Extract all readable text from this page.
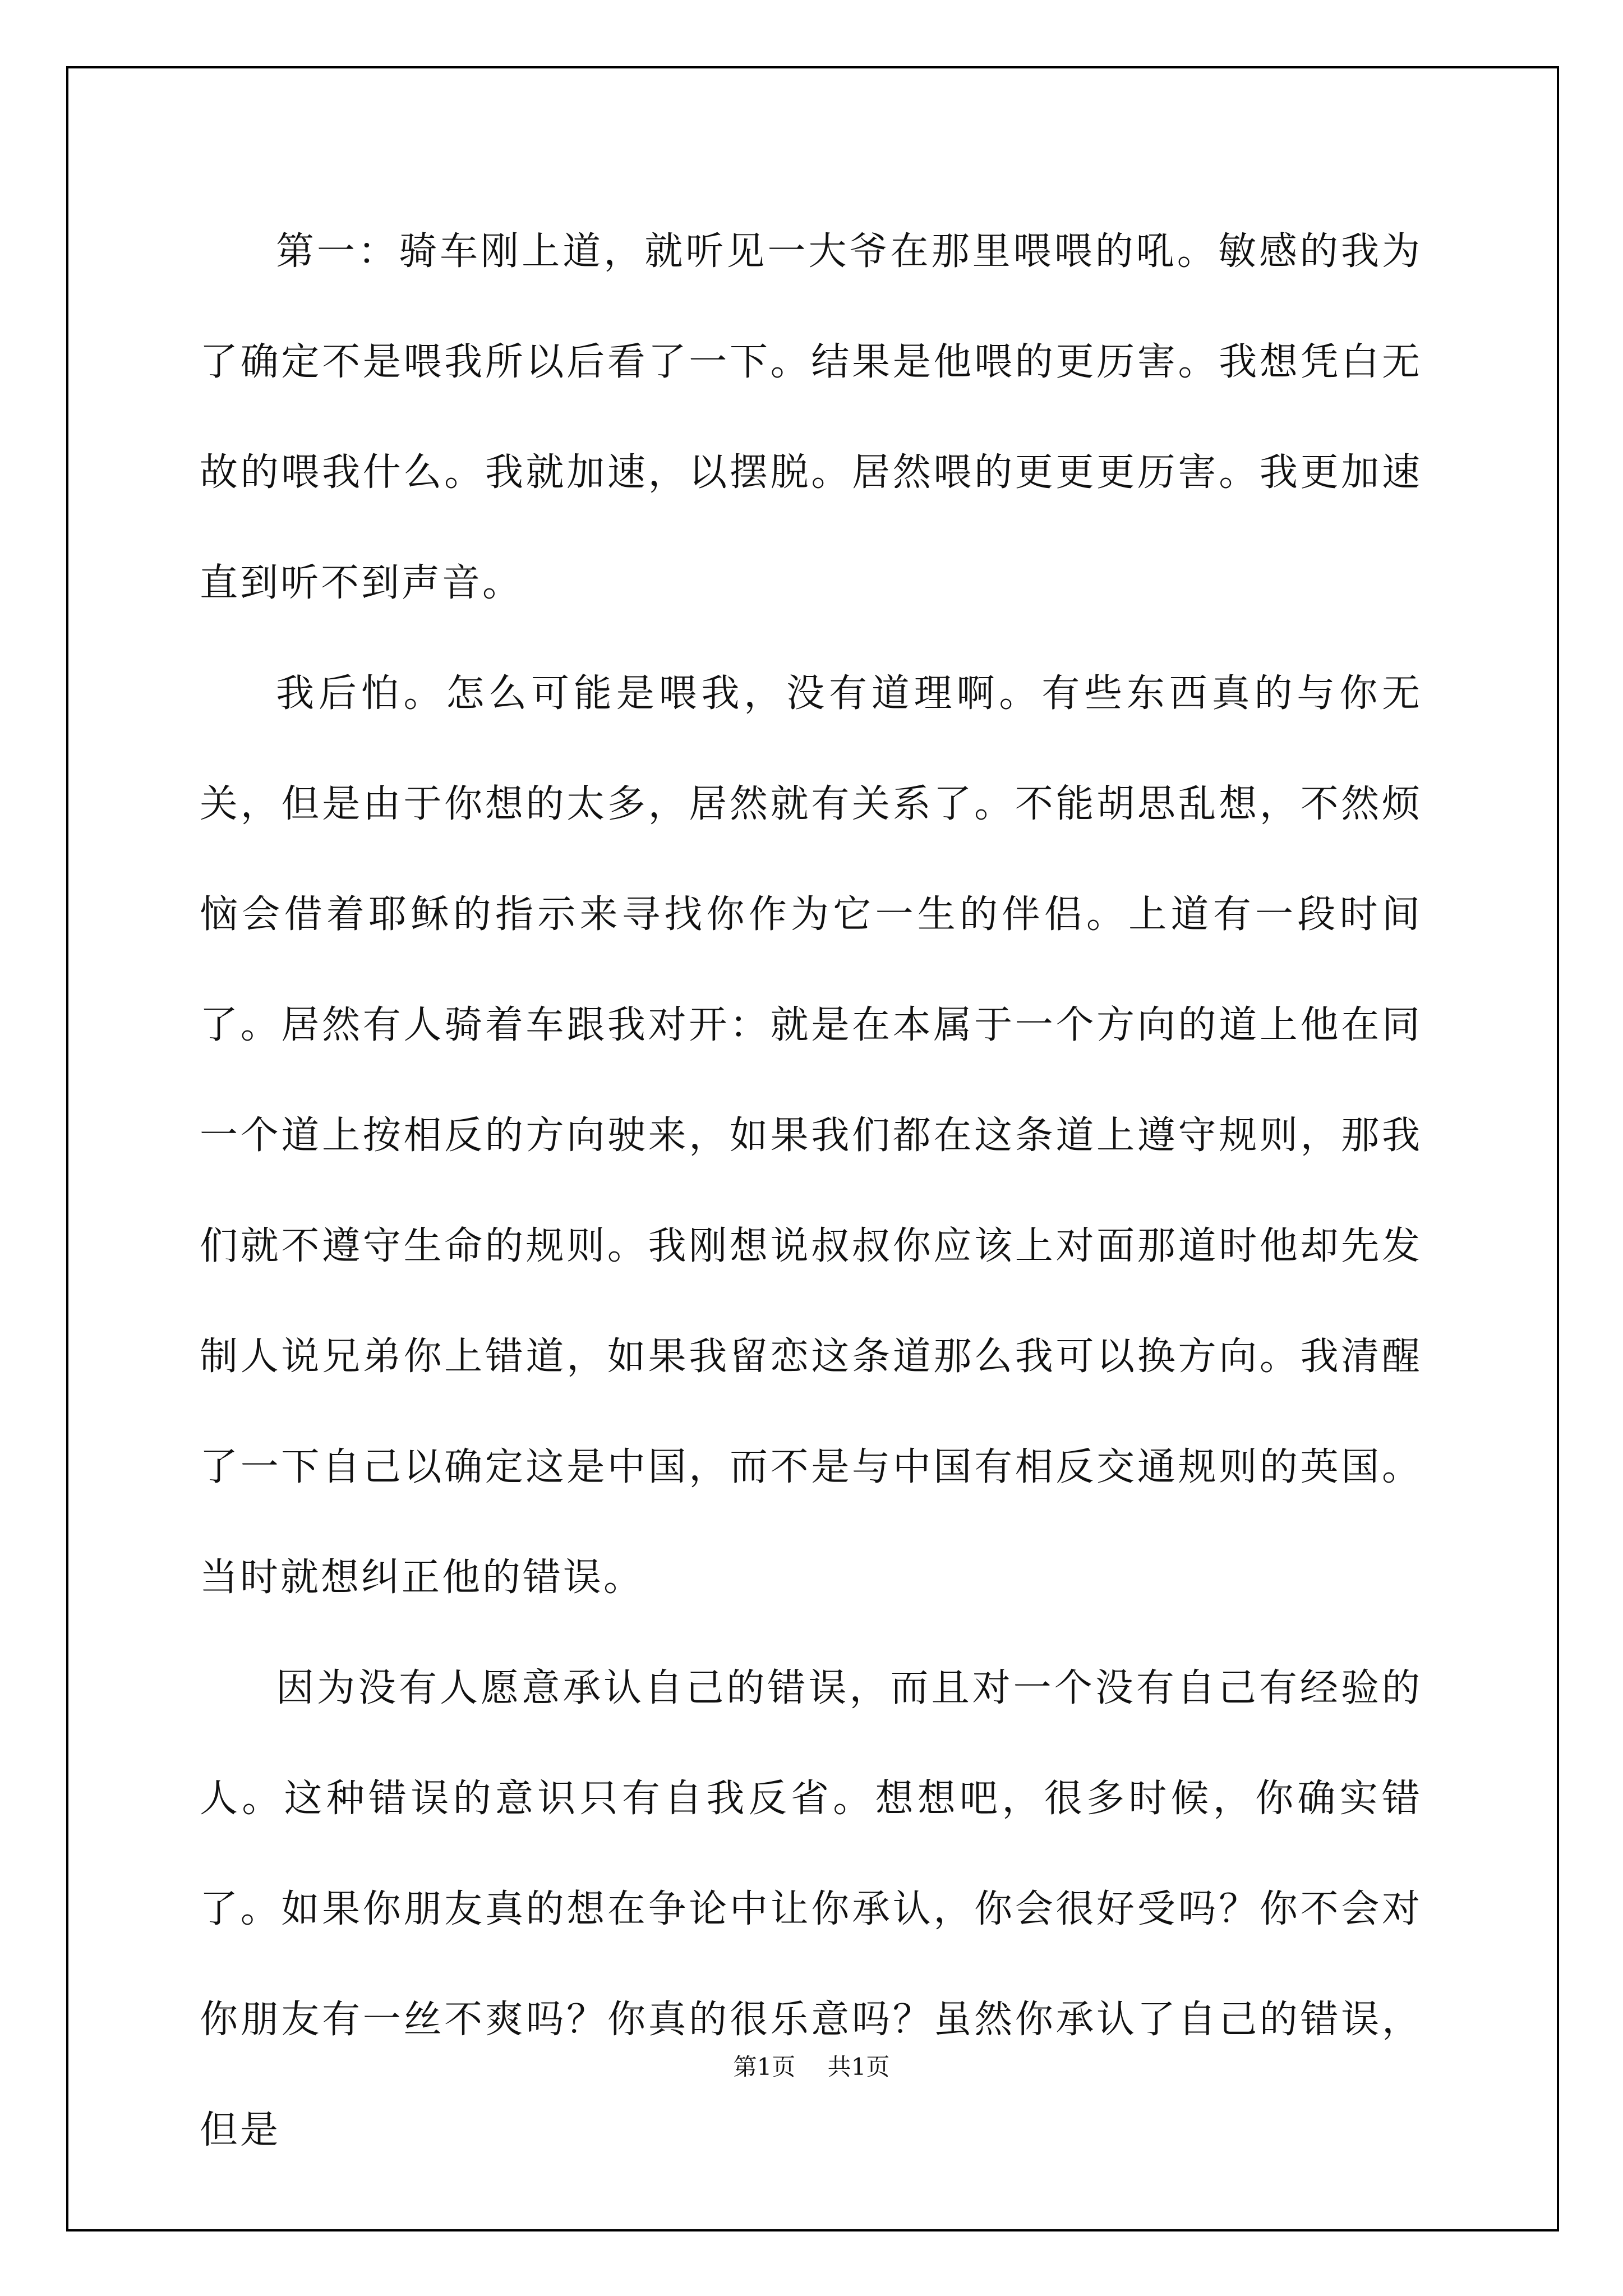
第一：骑车刚上道，就听见一大爷在那里喂喂的吼。敏感的我为了确定不是喂我所以后看了一下。结果是他喂的更历害。我想凭白无故的喂我什么。我就加速，以摆脱。居然喂的更更更历害。我更加速直到听不到声音。

我后怕。怎么可能是喂我，没有道理啊。有些东西真的与你无关，但是由于你想的太多，居然就有关系了。不能胡思乱想，不然烦恼会借着耶稣的指示来寻找你作为它一生的伴侣。上道有一段时间了。居然有人骑着车跟我对开：就是在本属于一个方向的道上他在同一个道上按相反的方向驶来，如果我们都在这条道上遵守规则，那我们就不遵守生命的规则。我刚想说叔叔你应该上对面那道时他却先发制人说兄弟你上错道，如果我留恋这条道那么我可以换方向。我清醒了一下自己以确定这是中国，而不是与中国有相反交通规则的英国。当时就想纠正他的错误。

因为没有人愿意承认自己的错误，而且对一个没有自己有经验的人。这种错误的意识只有自我反省。想想吧，很多时候，你确实错了。如果你朋友真的想在争论中让你承认，你会很好受吗？你不会对你朋友有一丝不爽吗？你真的很乐意吗？虽然你承认了自己的错误，但是

第1页 共1页
